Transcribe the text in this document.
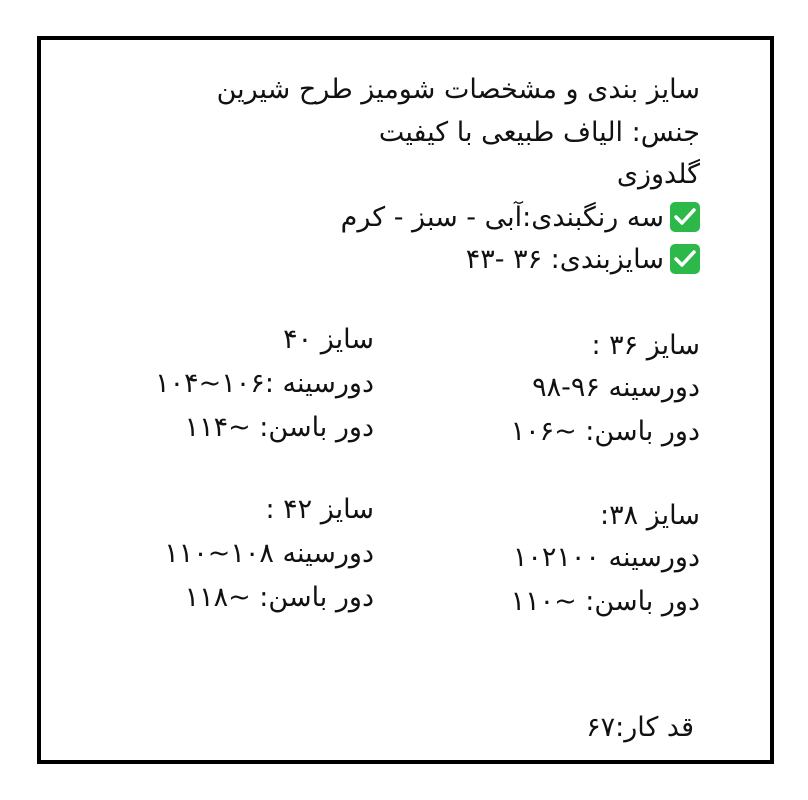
سایز بندی و مشخصات شومیز طرح شیرین
جنس: الیاف طبیعی با کیفیت
گلدوزی
سه رنگبندی:آبی - سبز - کرم
سایزبندی: ۳۶ -۴۳
سایز ۴۰
دورسینه :۱۰۶~۱۰۴
دور باسن: ~۱۱۴
سایز ۳۶ :
دورسینه ۹۶-۹۸
دور باسن: ~۱۰۶
سایز ۴۲ :
دورسینه ۱۰۸~۱۱۰
دور باسن: ~۱۱۸
سایز ۳۸:
دورسینه ۱۰۲۱۰۰
دور باسن: ~۱۱۰
قد کار:۶۷
